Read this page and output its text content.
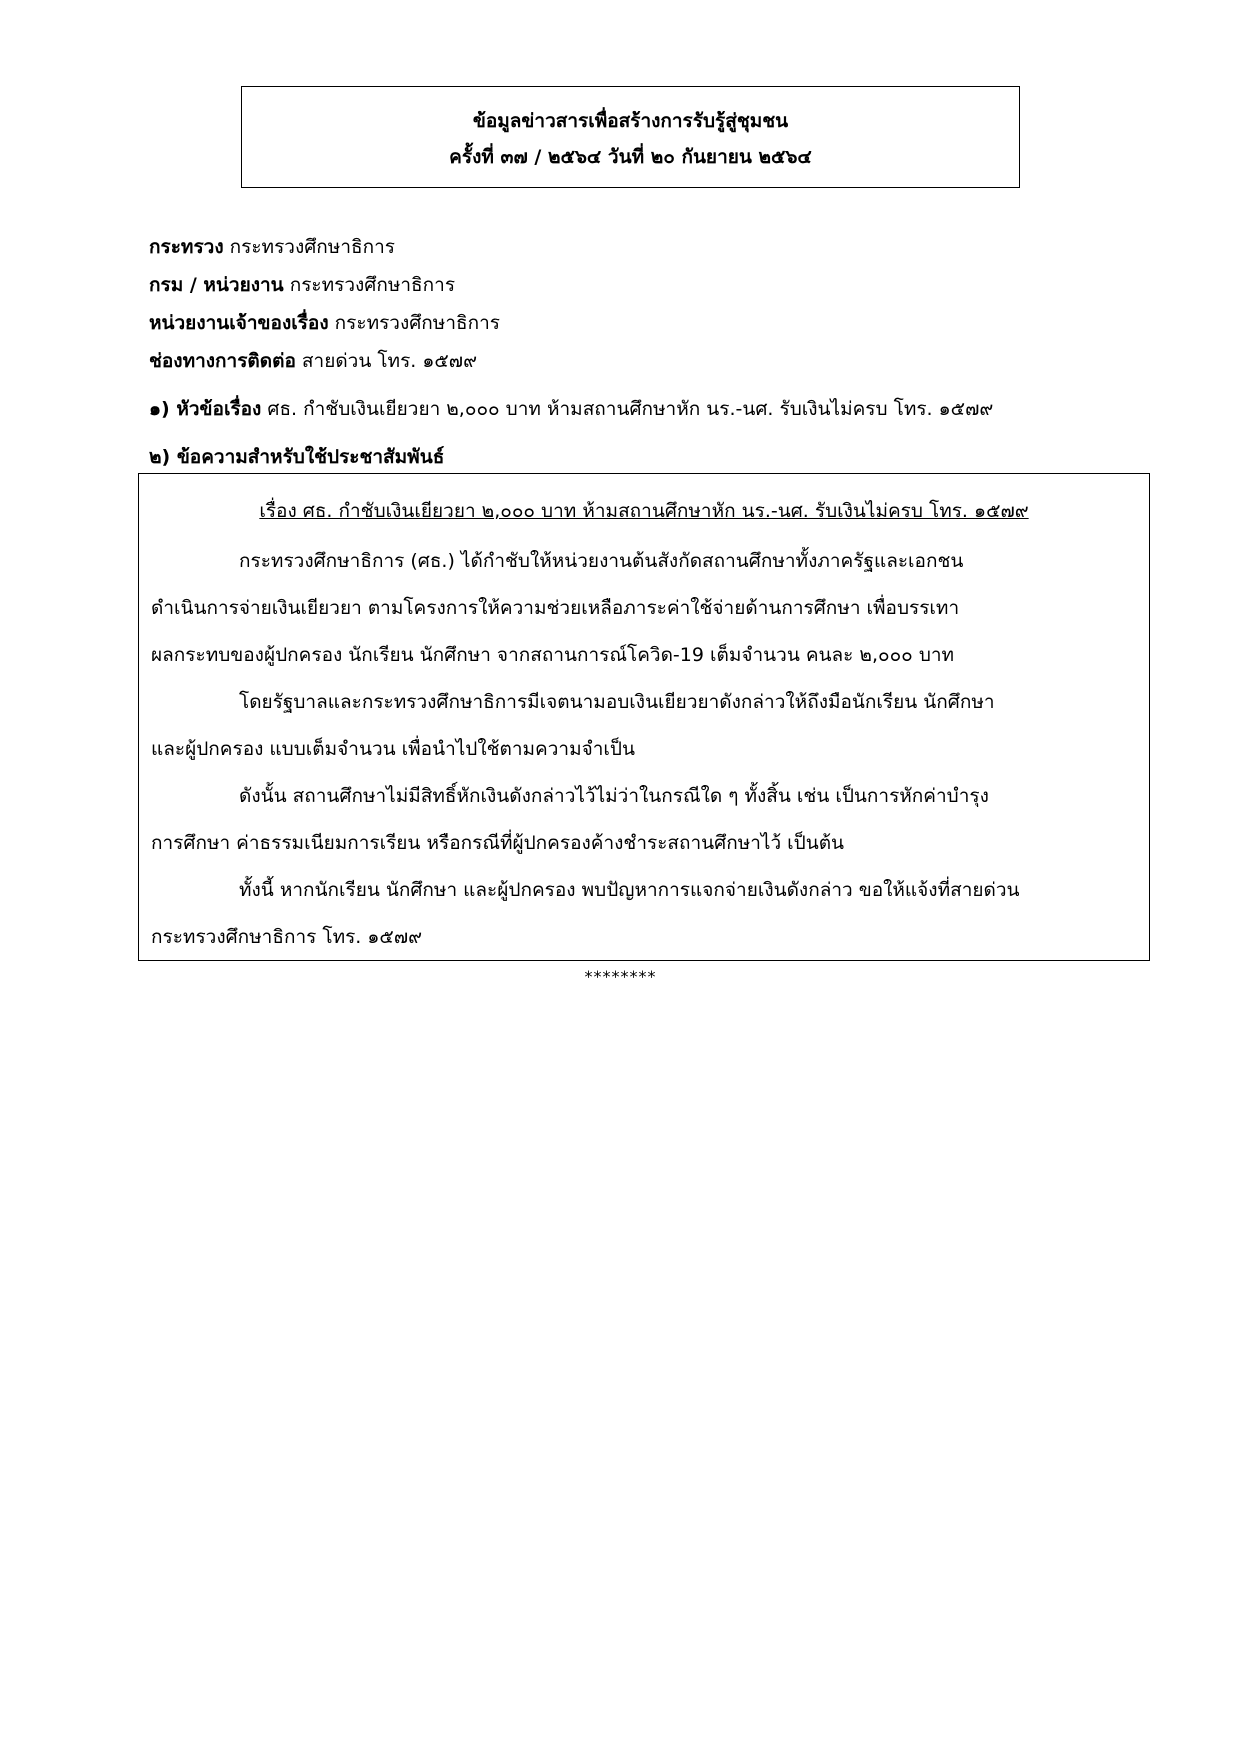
ข้อมูลข่าวสารเพื่อสร้างการรับรู้สู่ชุมชน
ครั้งที่ ๓๗ / ๒๕๖๔ วันที่ ๒๐ กันยายน ๒๕๖๔
กระทรวง กระทรวงศึกษาธิการ
กรม / หน่วยงาน กระทรวงศึกษาธิการ
หน่วยงานเจ้าของเรื่อง กระทรวงศึกษาธิการ
ช่องทางการติดต่อ สายด่วน โทร. ๑๕๗๙
๑) หัวข้อเรื่อง ศธ. กำชับเงินเยียวยา ๒,๐๐๐ บาท ห้ามสถานศึกษาหัก นร.-นศ. รับเงินไม่ครบ โทร. ๑๕๗๙
๒) ข้อความสำหรับใช้ประชาสัมพันธ์
เรื่อง ศธ. กำชับเงินเยียวยา ๒,๐๐๐ บาท ห้ามสถานศึกษาหัก นร.-นศ. รับเงินไม่ครบ โทร. ๑๕๗๙
กระทรวงศึกษาธิการ (ศธ.) ได้กำชับให้หน่วยงานต้นสังกัดสถานศึกษาทั้งภาครัฐและเอกชน
ดำเนินการจ่ายเงินเยียวยา ตามโครงการให้ความช่วยเหลือภาระค่าใช้จ่ายด้านการศึกษา เพื่อบรรเทา
ผลกระทบของผู้ปกครอง นักเรียน นักศึกษา จากสถานการณ์โควิด-19 เต็มจำนวน คนละ ๒,๐๐๐ บาท
โดยรัฐบาลและกระทรวงศึกษาธิการมีเจตนามอบเงินเยียวยาดังกล่าวให้ถึงมือนักเรียน นักศึกษา
และผู้ปกครอง แบบเต็มจำนวน เพื่อนำไปใช้ตามความจำเป็น
ดังนั้น สถานศึกษาไม่มีสิทธิ์หักเงินดังกล่าวไว้ไม่ว่าในกรณีใด ๆ ทั้งสิ้น เช่น เป็นการหักค่าบำรุง
การศึกษา ค่าธรรมเนียมการเรียน หรือกรณีที่ผู้ปกครองค้างชำระสถานศึกษาไว้ เป็นต้น
ทั้งนี้ หากนักเรียน นักศึกษา และผู้ปกครอง พบปัญหาการแจกจ่ายเงินดังกล่าว ขอให้แจ้งที่สายด่วน
กระทรวงศึกษาธิการ โทร. ๑๕๗๙
********
